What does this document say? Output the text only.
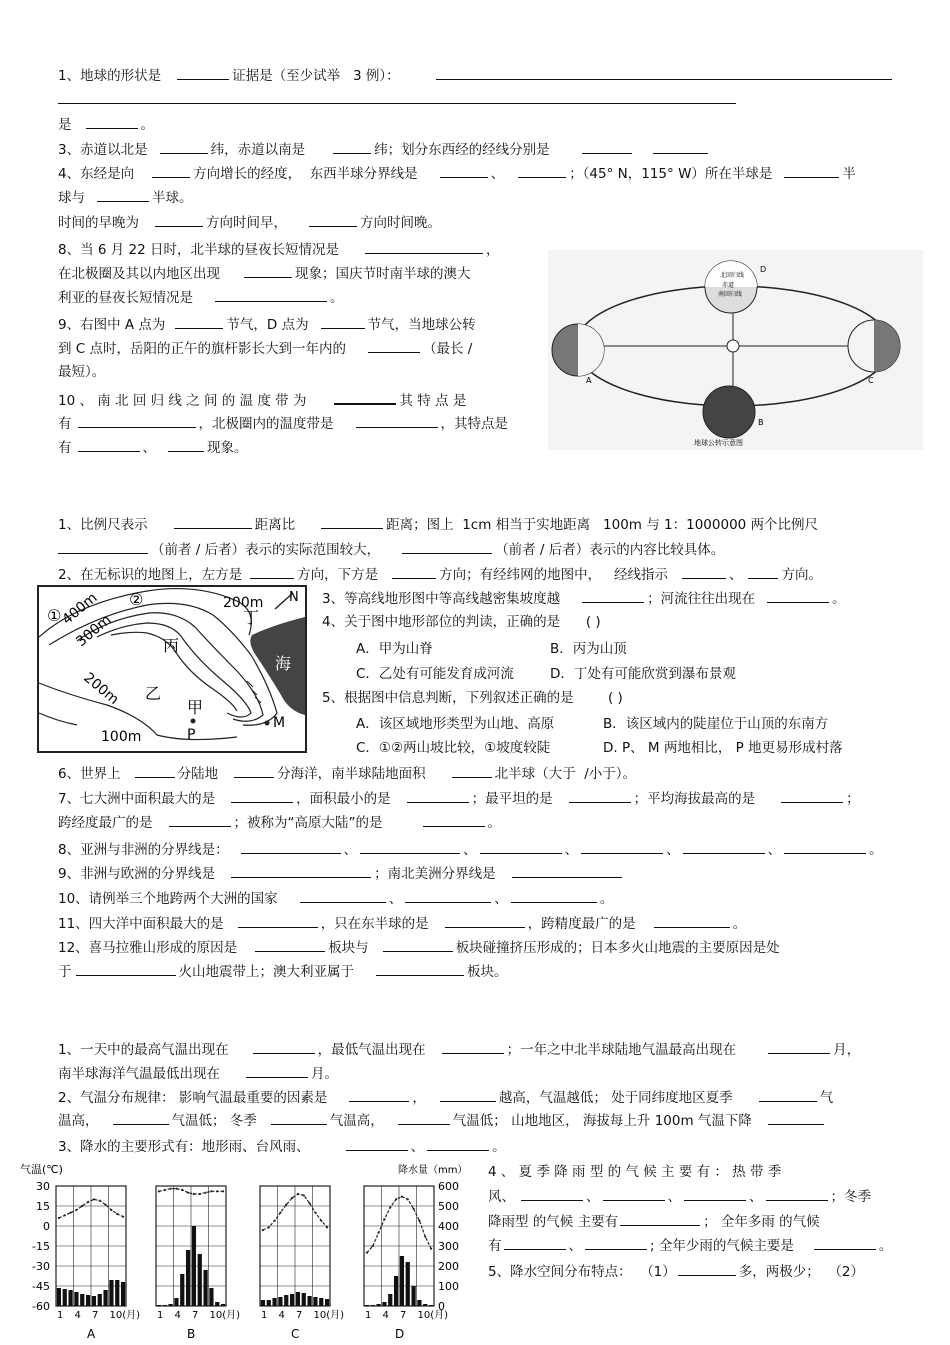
1、地球的形状是	证据是（至少试举 3 例）：
是	。
3、赤道以北是	纬，赤道以南是	纬；划分东西经的经线分别是
4、东经是向	方向增长的经度， 东西半球分界线是	、	；（45° N，115° W）所在半球是	半
球与	半球。
时间的早晚为	方向时间早，	方向时间晚。
8、当 6 月 22 日时，北半球的昼夜长短情况是	，
在北极圈及其以内地区出现	现象；国庆节时南半球的澳大
利亚的昼夜长短情况是	。
9、右图中 A 点为	节气，D 点为	节气，当地球公转
到 C 点时，岳阳的正午的旗杆影长大到一年内的	（最长 /
最短）。
10 、 南 北 回 归 线 之 间 的 温 度 带 为	其 特 点 是
有	，北极圈内的温度带是	，其特点是
有	、	现象。
北回归线
赤道
南回归线
D
A	C
B
地球公转示意图
1、比例尺表示	距离比	距离；图上 1cm 相当于实地距离 100m 与 1：1000000 两个比例尺
（前者 / 后者）表示的实际范围较大，	（前者 / 后者）表示的内容比较具体。
2、在无标识的地图上，左方是	方向，下方是	方向；有经纬网的地图中， 经线指示	、	方向。
①
②	200m
400m
300m	丙
丁
海
200m 乙
甲
P
M
100m
N 3、等高线地形图中等高线越密集坡度越	；河流往往出现在	。
4、关于图中地形部位的判读，正确的是 ( )
A．甲为山脊	B．丙为山顶
C．乙处有可能发育成河流	D．丁处有可能欣赏到瀑布景观
5、根据图中信息判断，下列叙述正确的是	( )
A．该区域地形类型为山地、高原	B．该区域内的陡崖位于山顶的东南方
C．①②两山坡比较，①坡度较陡	D. P、 M 两地相比， P 地更易形成村落
6、世界上	分陆地	分海洋，南半球陆地面积	北半球（大于 /小于）。
7、七大洲中面积最大的是	，面积最小的是	；最平坦的是	；平均海拔最高的是	；
跨经度最广的是	；被称为“高原大陆”的是	。
8、亚洲与非洲的分界线是：	、	、	、	、	、	。
9、非洲与欧洲的分界线是	；南北美洲分界线是
10、请例举三个地跨两个大洲的国家	、	、	。
11、四大洋中面积最大的是	，只在东半球的是	，跨精度最广的是	。
12、喜马拉雅山形成的原因是	板块与	板块碰撞挤压形成的；日本多火山地震的主要原因是处
于	火山地震带上；澳大利亚属于	板块。
1、一天中的最高气温出现在	，最低气温出现在	；一年之中北半球陆地气温最高出现在	月，
南半球海洋气温最低出现在	月。
2、气温分布规律： 影响气温最重要的因素是	，	越高，气温越低； 处于同纬度地区夏季	气
温高，	气温低； 冬季	气温高，	气温低； 山地地区， 海拔每上升 100m 气温下降
3、降水的主要形式有：地形雨、台风雨、	、	。
气温(℃)	降水量（mm）
30
15
0
-15
-30
-45
-60
600
500
400
300
200
100
0
1 4 7 10(月)
A
1 4 7 10(月)
B
1 4 7 10(月)
C
1 4 7 10(月)
D
4 、 夏 季 降 雨 型 的 气 候 主 要 有 ： 热 带 季
风、	、	、	、	；冬季
降雨型 的气候 主要有	； 全年多雨 的气候
有	、	; 全年少雨的气候主要是	。
5、降水空间分布特点： （1）	多，两极少； （2）
